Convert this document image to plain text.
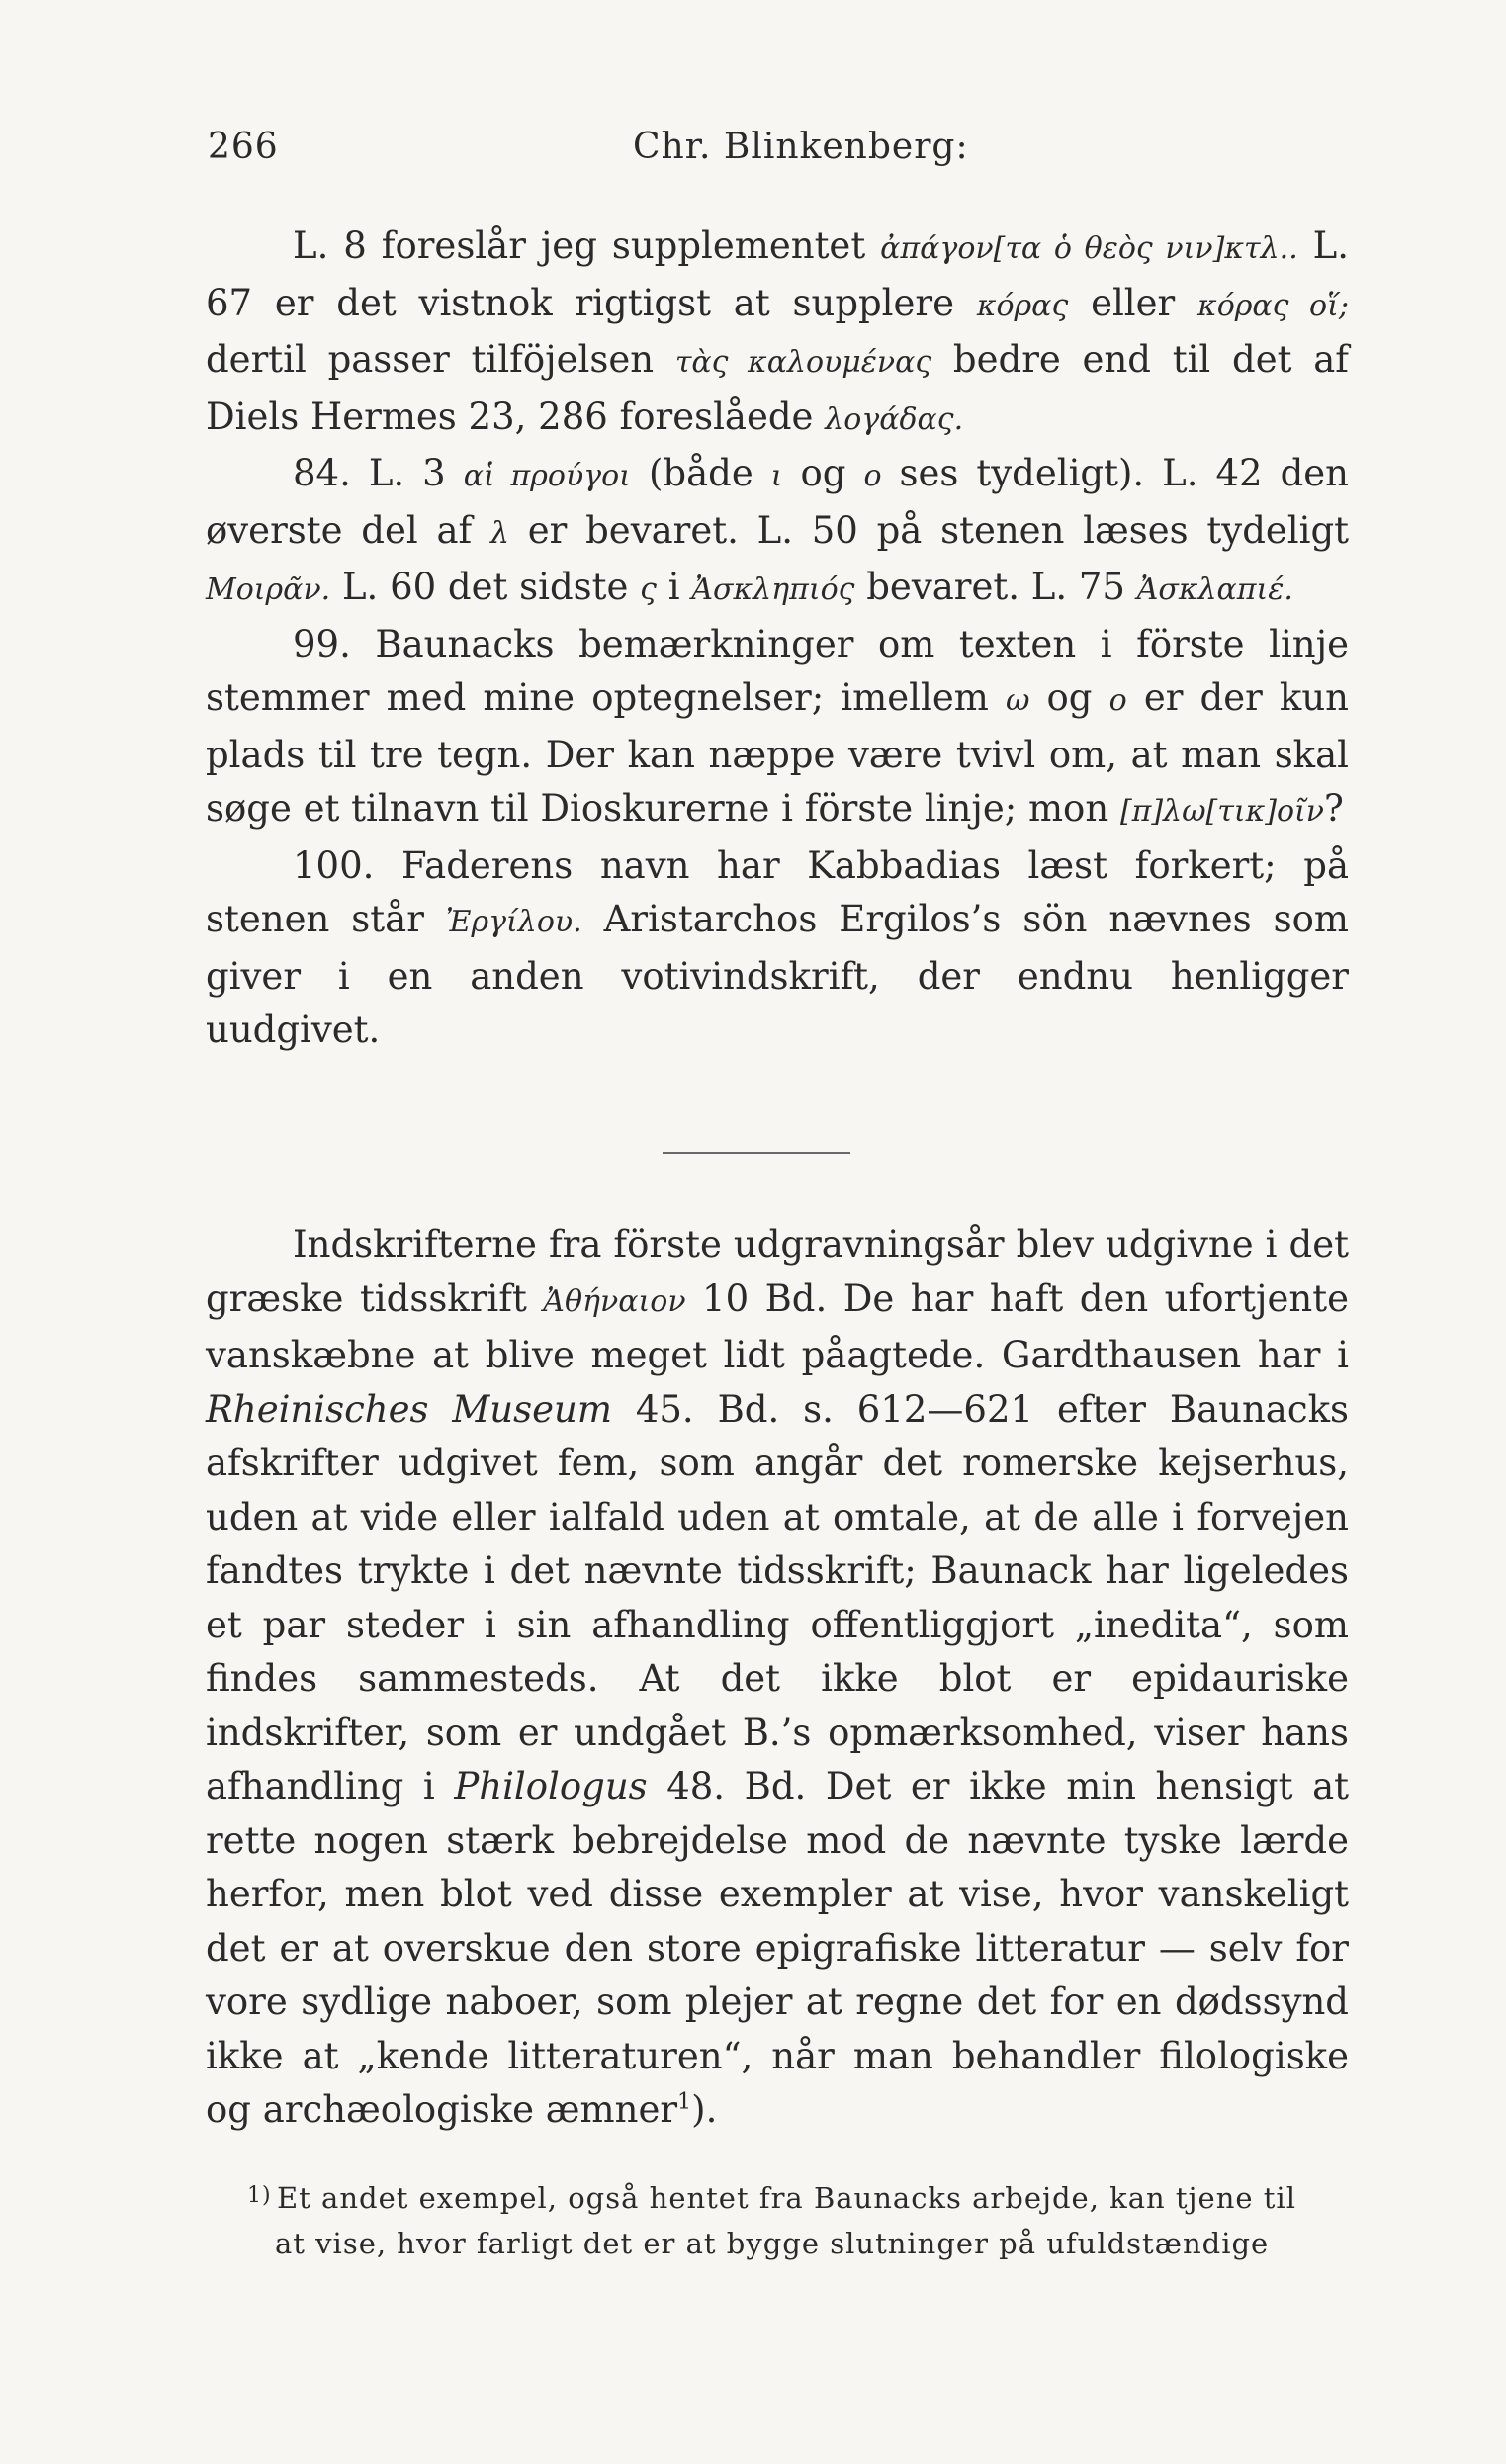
266	Chr. Blinkenberg:

L. 8 foreslår jeg supplementet ἀπάγον[τα ὁ θεὸς νιν]κτλ.. L. 67 er det vistnok rigtigst at supplere κόρας eller κόρας οἵ; dertil passer tilföjelsen τὰς καλουμένας bedre end til det af Diels Hermes 23, 286 foreslåede λογάδας.

84. L. 3 αἱ προύγοι (både ι og ο ses tydeligt). L. 42 den øverste del af λ er bevaret. L. 50 på stenen læses tydeligt Μοιρᾶν. L. 60 det sidste ς i Ἀσκληπιός bevaret. L. 75 Ἀσκλαπιέ.

99. Baunacks bemærkninger om texten i förste linje stemmer med mine optegnelser; imellem ω og ο er der kun plads til tre tegn. Der kan næppe være tvivl om, at man skal søge et tilnavn til Dioskurerne i förste linje; mon [π]λω[τικ]οῖν?

100. Faderens navn har Kabbadias læst forkert; på stenen står Ἐργίλου. Aristarchos Ergilos’s sön nævnes som giver i en anden votivindskrift, der endnu henligger uudgivet.

Indskrifterne fra förste udgravningsår blev udgivne i det græske tidsskrift Ἀθήναιον 10 Bd. De har haft den ufortjente vanskæbne at blive meget lidt påagtede. Gardthausen har i Rheinisches Museum 45. Bd. s. 612—621 efter Baunacks afskrifter udgivet fem, som angår det romerske kejserhus, uden at vide eller ialfald uden at omtale, at de alle i forvejen fandtes trykte i det nævnte tidsskrift; Baunack har ligeledes et par steder i sin afhandling offentliggjort „inedita“, som findes sammesteds. At det ikke blot er epidauriske indskrifter, som er undgået B.’s opmærksomhed, viser hans afhandling i Philologus 48. Bd. Det er ikke min hensigt at rette nogen stærk bebrejdelse mod de nævnte tyske lærde herfor, men blot ved disse exempler at vise, hvor vanskeligt det er at overskue den store epigrafiske litteratur — selv for vore sydlige naboer, som plejer at regne det for en dødssynd ikke at „kende litteraturen“, når man behandler filologiske og archæologiske æmner$^1$).

1) Et andet exempel, også hentet fra Baunacks arbejde, kan tjene til

at vise, hvor farligt det er at bygge slutninger på ufuldstændige
